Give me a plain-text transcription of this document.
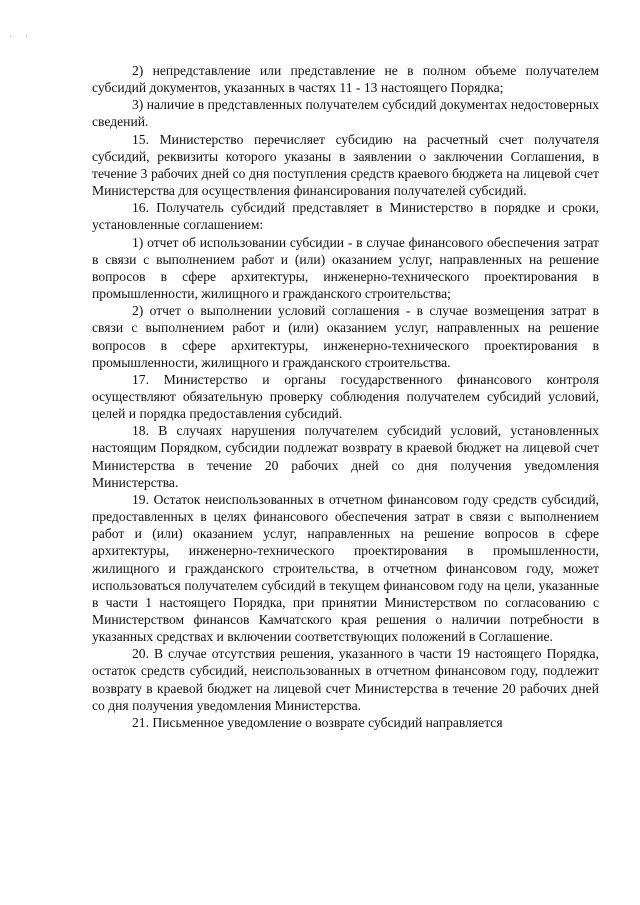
' '

2) непредставление или представление не в полном объеме получателем субсидий документов, указанных в частях 11 - 13 настоящего Порядка;

3) наличие в представленных получателем субсидий документах недостоверных сведений.

15. Министерство перечисляет субсидию на расчетный счет получателя субсидий, реквизиты которого указаны в заявлении о заключении Соглашения, в течение 3 рабочих дней со дня поступления средств краевого бюджета на лицевой счет Министерства для осуществления финансирования получателей субсидий.

16. Получатель субсидий представляет в Министерство в порядке и сроки, установленные соглашением:

1) отчет об использовании субсидии - в случае финансового обеспечения затрат в связи с выполнением работ и (или) оказанием услуг, направленных на решение вопросов в сфере архитектуры, инженерно-технического проектирования в промышленности, жилищного и гражданского строительства;

2) отчет о выполнении условий соглашения - в случае возмещения затрат в связи с выполнением работ и (или) оказанием услуг, направленных на решение вопросов в сфере архитектуры, инженерно-технического проектирования в промышленности, жилищного и гражданского строительства.

17. Министерство и органы государственного финансового контроля осуществляют обязательную проверку соблюдения получателем субсидий условий, целей и порядка предоставления субсидий.

18. В случаях нарушения получателем субсидий условий, установленных настоящим Порядком, субсидии подлежат возврату в краевой бюджет на лицевой счет Министерства в течение 20 рабочих дней со дня получения уведомления Министерства.

19. Остаток неиспользованных в отчетном финансовом году средств субсидий, предоставленных в целях финансового обеспечения затрат в связи с выполнением работ и (или) оказанием услуг, направленных на решение вопросов в сфере архитектуры, инженерно-технического проектирования в промышленности, жилищного и гражданского строительства, в отчетном финансовом году, может использоваться получателем субсидий в текущем финансовом году на цели, указанные в части 1 настоящего Порядка, при принятии Министерством по согласованию с Министерством финансов Камчатского края решения о наличии потребности в указанных средствах и включении соответствующих положений в Соглашение.

20. В случае отсутствия решения, указанного в части 19 настоящего Порядка, остаток средств субсидий, неиспользованных в отчетном финансовом году, подлежит возврату в краевой бюджет на лицевой счет Министерства в течение 20 рабочих дней со дня получения уведомления Министерства.

21. Письменное уведомление о возврате субсидий направляется
